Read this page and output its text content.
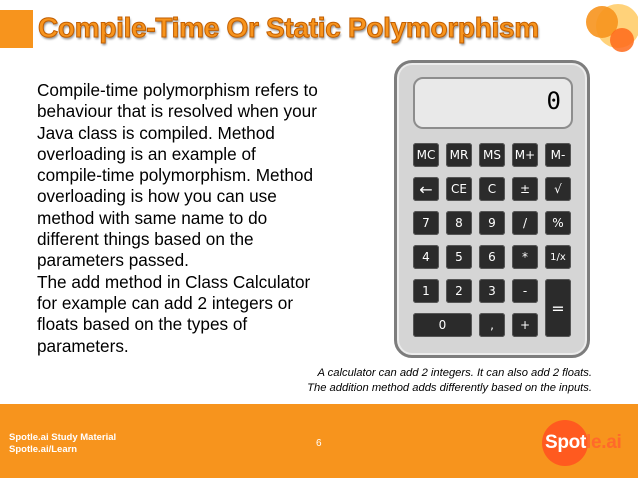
Compile-Time Or Static Polymorphism

Compile-time polymorphism refers to

behaviour that is resolved when your

Java class is compiled. Method

overloading is an example of

compile-time polymorphism. Method

overloading is how you can use

method with same name to do

different things based on the

parameters passed.

The add method in Class Calculator

for example can add 2 integers or

floats based on the types of

parameters.

0
MC	MR	MS	M+	M-
←	CE	C	±	√
7	8	9	/	%
4	5	6	*	1/x
1	2	3	-
=
0	,	+

A calculator can add 2 integers. It can also add 2 floats.

The addition method adds differently based on the inputs.

Spotle.ai Study Material
Spotle.ai/Learn
6	Spotle.ai
